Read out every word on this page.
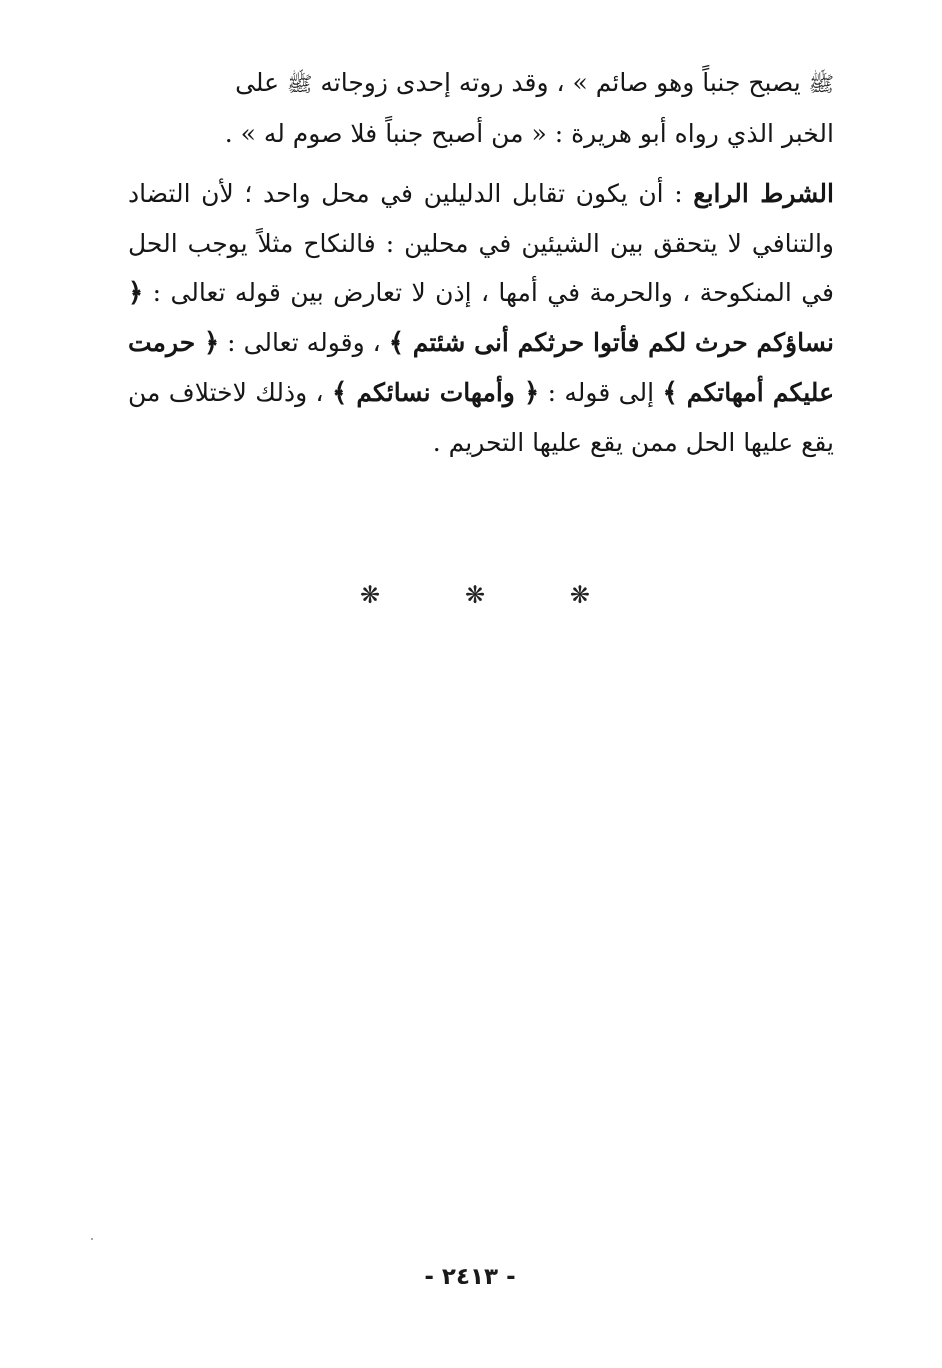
ﷺ يصبح جنباً وهو صائم » ، وقد روته إحدى زوجاته ﷺ على
الخبر الذي رواه أبو هريرة : « من أصبح جنباً فلا صوم له » .

الشرط الرابع : أن يكون تقابل الدليلين في محل واحد ؛ لأن التضاد والتنافي لا يتحقق بين الشيئين في محلين : فالنكاح مثلاً يوجب الحل في المنكوحة ، والحرمة في أمها ، إذن لا تعارض بين قوله تعالى : ﴿ نساؤكم حرث لكم فأتوا حرثكم أنى شئتم ﴾ ، وقوله تعالى : ﴿ حرمت عليكم أمهاتكم ﴾ إلى قوله : ﴿ وأمهات نسائكم ﴾ ، وذلك لاختلاف من يقع عليها الحل ممن يقع عليها التحريم .

❋	❋	❋
- ٢٤١٣ -
